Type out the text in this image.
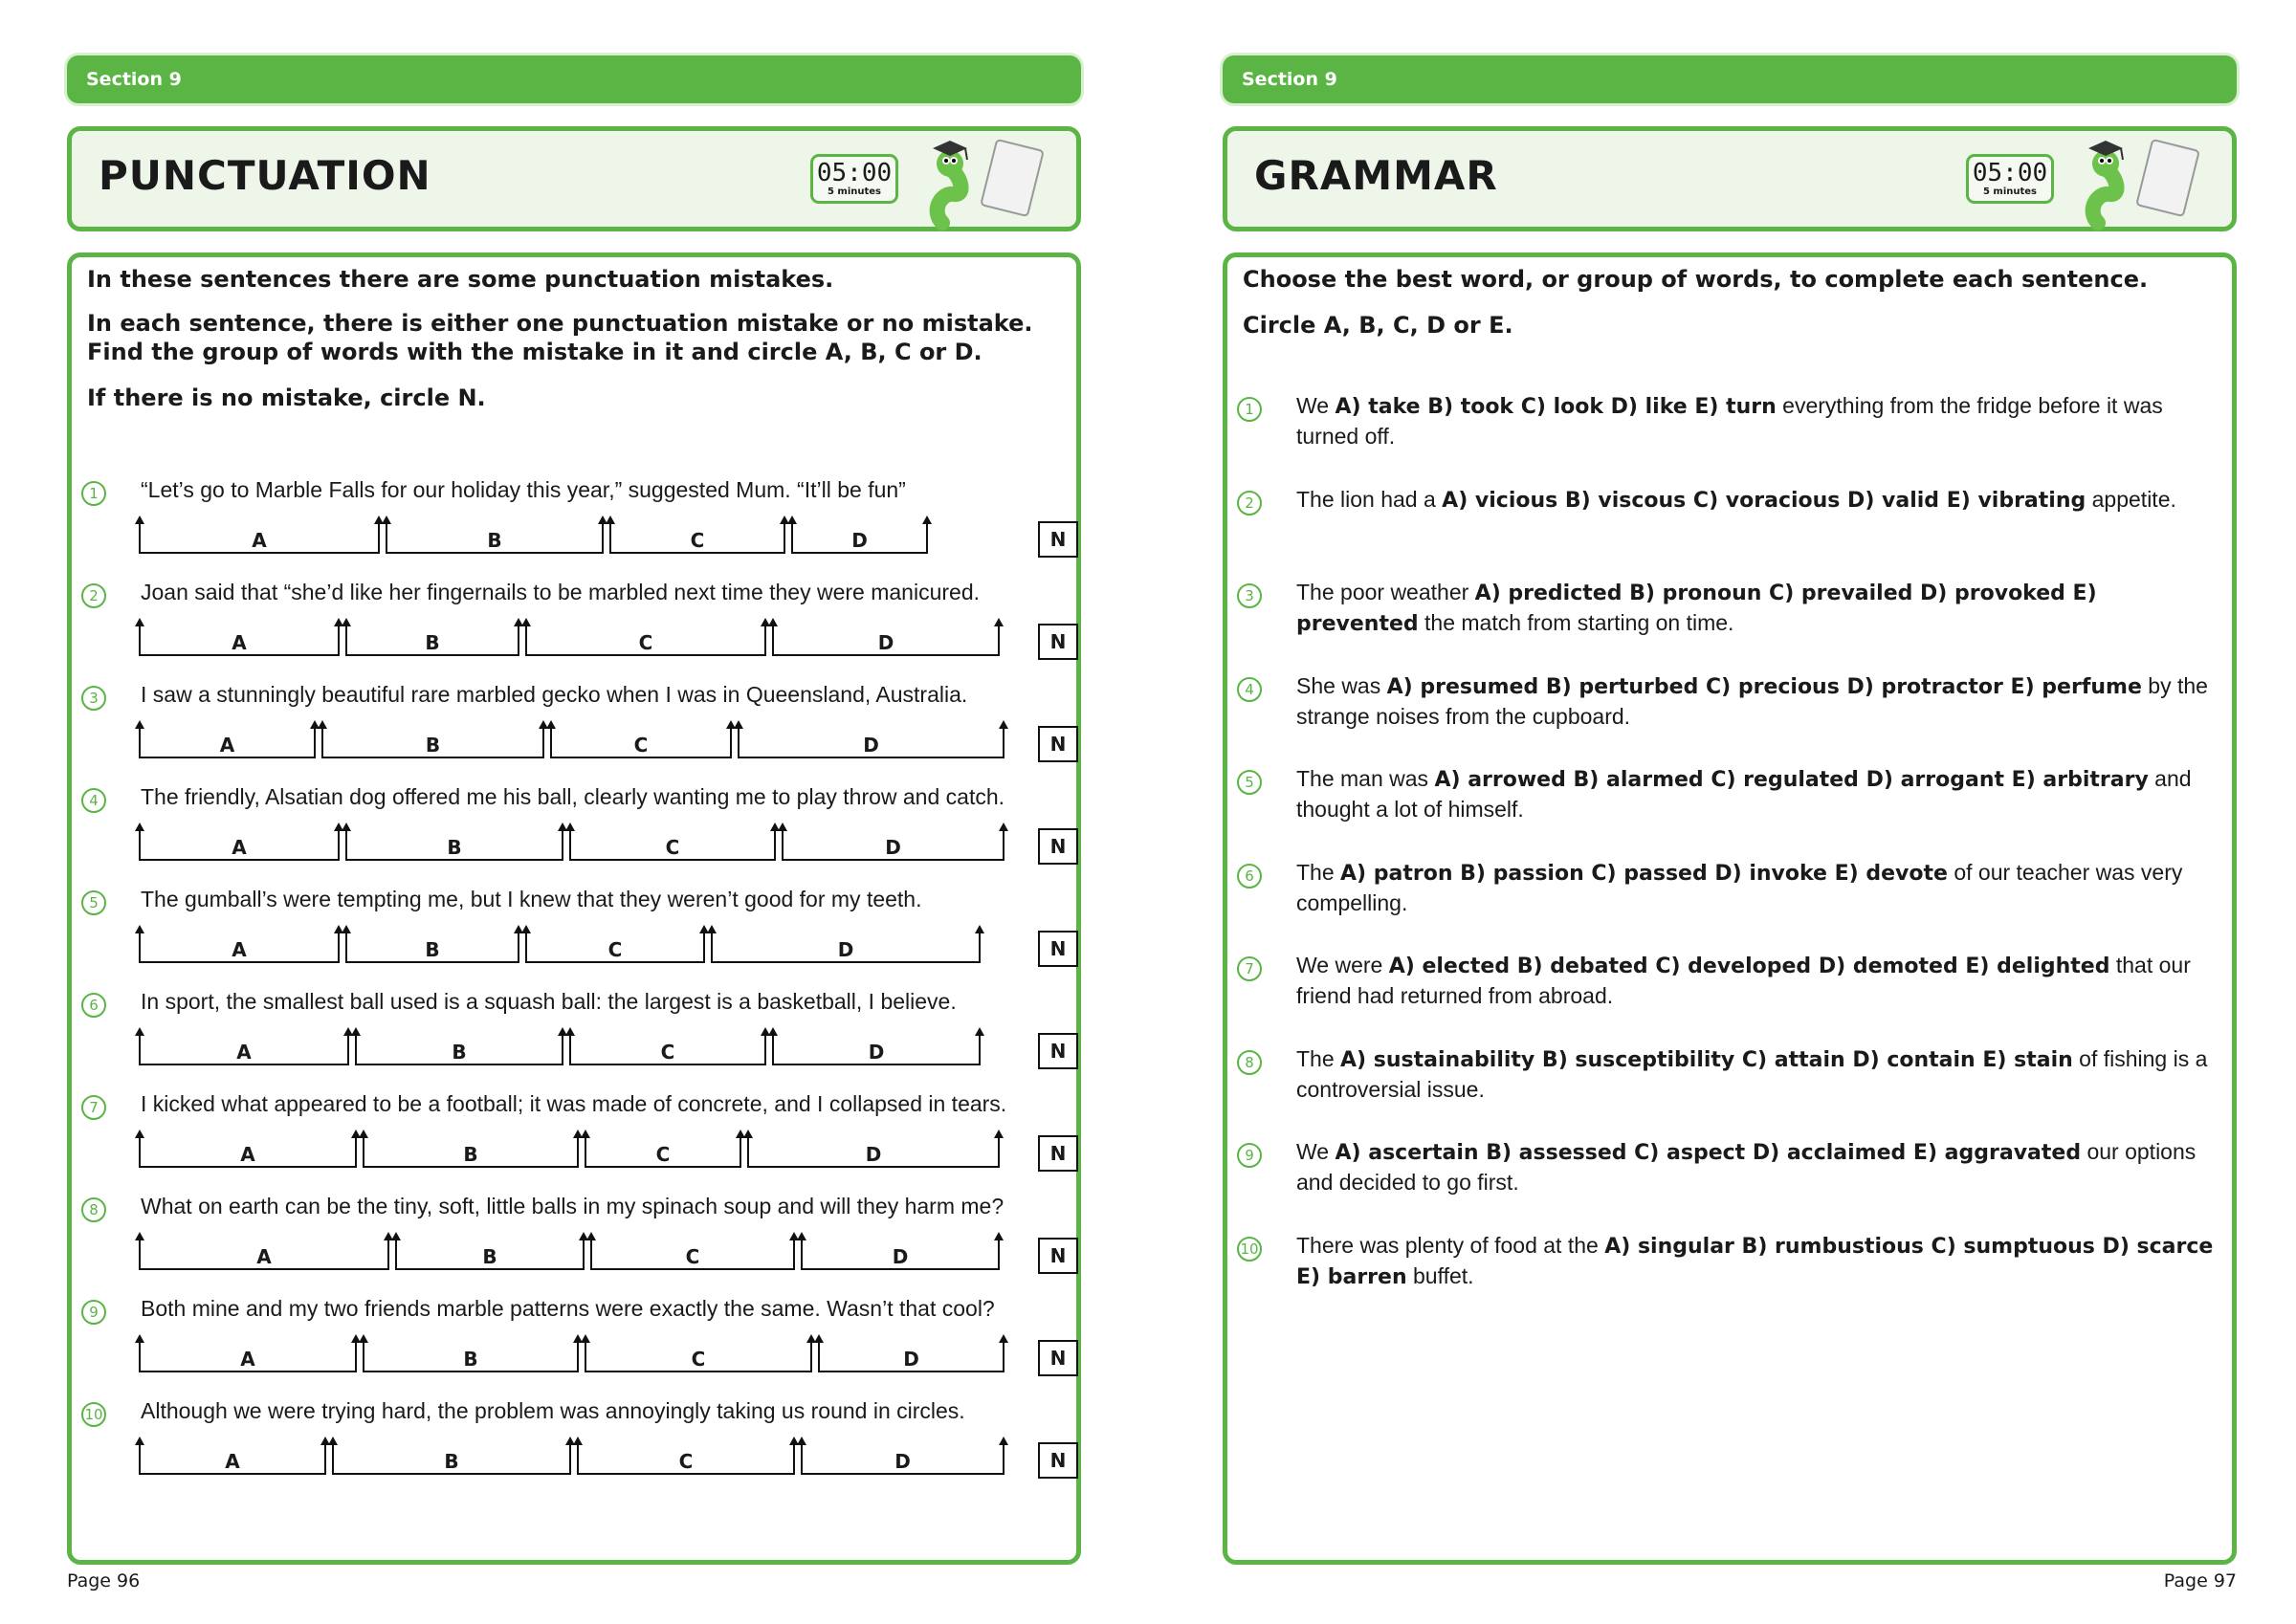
Section 9
PUNCTUATION	05:00
5 minutes

In these sentences there are some punctuation mistakes.

In each sentence, there is either one punctuation mistake or no mistake. Find the group of words with the mistake in it and circle A, B, C or D.

If there is no mistake, circle N.

1	“Let’s go to Marble Falls for our holiday this year,” suggested Mum. “It’ll be fun”
A	B	C	D	N
2	Joan said that “she’d like her fingernails to be marbled next time they were manicured.
A	B	C	D	N
3	I saw a stunningly beautiful rare marbled gecko when I was in Queensland, Australia.
A	B	C	D	N
4	The friendly, Alsatian dog offered me his ball, clearly wanting me to play throw and catch.
A	B	C	D	N
5	The gumball’s were tempting me, but I knew that they weren’t good for my teeth.
A	B	C	D	N
6	In sport, the smallest ball used is a squash ball: the largest is a basketball, I believe.
A	B	C	D	N
7	I kicked what appeared to be a football; it was made of concrete, and I collapsed in tears.
A	B	C	D	N
8	What on earth can be the tiny, soft, little balls in my spinach soup and will they harm me?
A	B	C	D	N
9	Both mine and my two friends marble patterns were exactly the same. Wasn’t that cool?
A	B	C	D	N
10 Although we were trying hard, the problem was annoyingly taking us round in circles.
A	B	C	D	N
Page 96
Section 9
GRAMMAR	05:00
5 minutes

Choose the best word, or group of words, to complete each sentence.

Circle A, B, C, D or E.

1	We A) take B) took C) look D) like E) turn everything from the fridge before it was turned off.
2	The lion had a A) vicious B) viscous C) voracious D) valid E) vibrating appetite.
3	The poor weather A) predicted B) pronoun C) prevailed D) provoked E) prevented the match from starting on time.
4	She was A) presumed B) perturbed C) precious D) protractor E) perfume by the strange noises from the cupboard.
5	The man was A) arrowed B) alarmed C) regulated D) arrogant E) arbitrary and thought a lot of himself.
6	The A) patron B) passion C) passed D) invoke E) devote of our teacher was very compelling.
7	We were A) elected B) debated C) developed D) demoted E) delighted that our friend had returned from abroad.
8	The A) sustainability B) susceptibility C) attain D) contain E) stain of fishing is a controversial issue.
9	We A) ascertain B) assessed C) aspect D) acclaimed E) aggravated our options and decided to go first.
10 There was plenty of food at the A) singular B) rumbustious C) sumptuous D) scarce E) barren buffet.
Page 97
